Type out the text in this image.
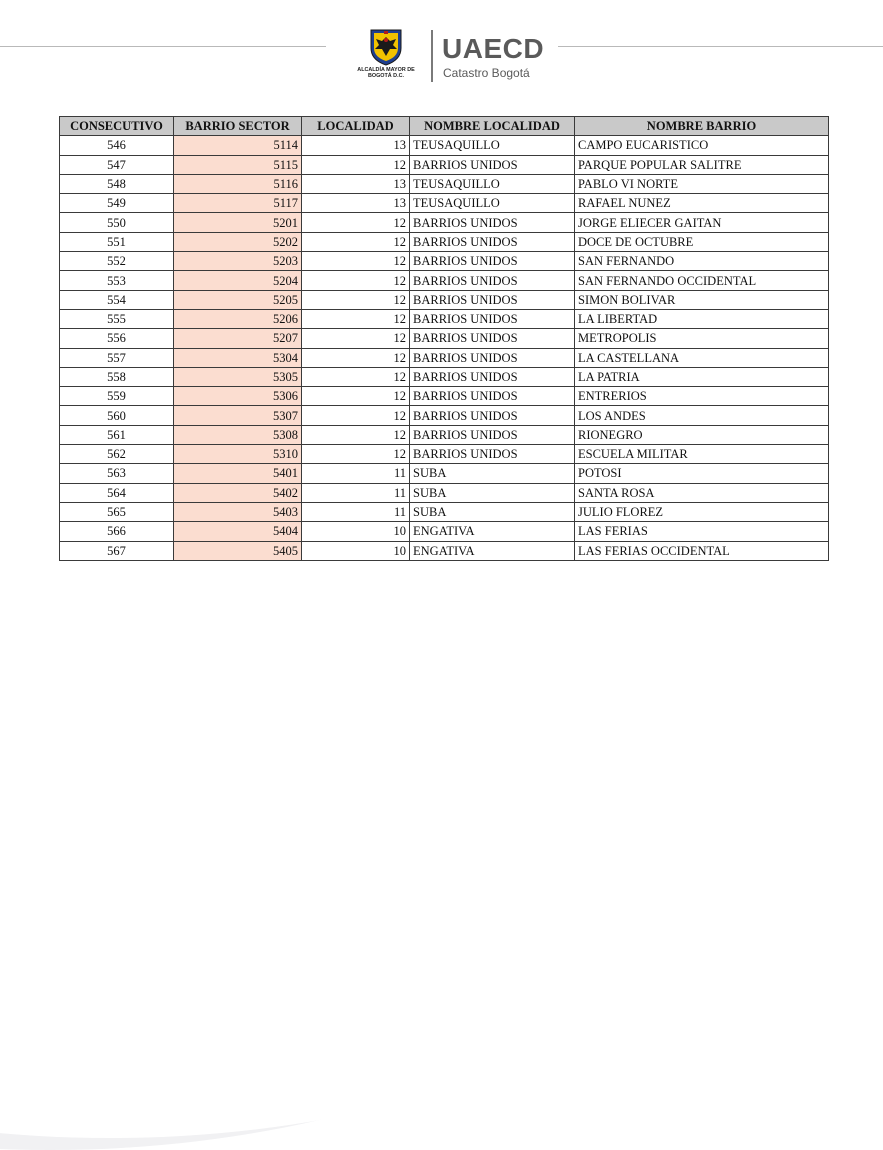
ALCALDÍA MAYOR DE BOGOTÁ D.C.
UAECD
Catastro Bogotá
CONSECUTIVO	BARRIO SECTOR	LOCALIDAD	NOMBRE LOCALIDAD	NOMBRE BARRIO
546	5114	13	TEUSAQUILLO	CAMPO EUCARISTICO
547	5115	12	BARRIOS UNIDOS	PARQUE POPULAR SALITRE
548	5116	13	TEUSAQUILLO	PABLO VI NORTE
549	5117	13	TEUSAQUILLO	RAFAEL NUNEZ
550	5201	12	BARRIOS UNIDOS	JORGE ELIECER GAITAN
551	5202	12	BARRIOS UNIDOS	DOCE DE OCTUBRE
552	5203	12	BARRIOS UNIDOS	SAN FERNANDO
553	5204	12	BARRIOS UNIDOS	SAN FERNANDO OCCIDENTAL
554	5205	12	BARRIOS UNIDOS	SIMON BOLIVAR
555	5206	12	BARRIOS UNIDOS	LA LIBERTAD
556	5207	12	BARRIOS UNIDOS	METROPOLIS
557	5304	12	BARRIOS UNIDOS	LA CASTELLANA
558	5305	12	BARRIOS UNIDOS	LA PATRIA
559	5306	12	BARRIOS UNIDOS	ENTRERIOS
560	5307	12	BARRIOS UNIDOS	LOS ANDES
561	5308	12	BARRIOS UNIDOS	RIONEGRO
562	5310	12	BARRIOS UNIDOS	ESCUELA MILITAR
563	5401	11	SUBA	POTOSI
564	5402	11	SUBA	SANTA ROSA
565	5403	11	SUBA	JULIO FLOREZ
566	5404	10	ENGATIVA	LAS FERIAS
567	5405	10	ENGATIVA	LAS FERIAS OCCIDENTAL
